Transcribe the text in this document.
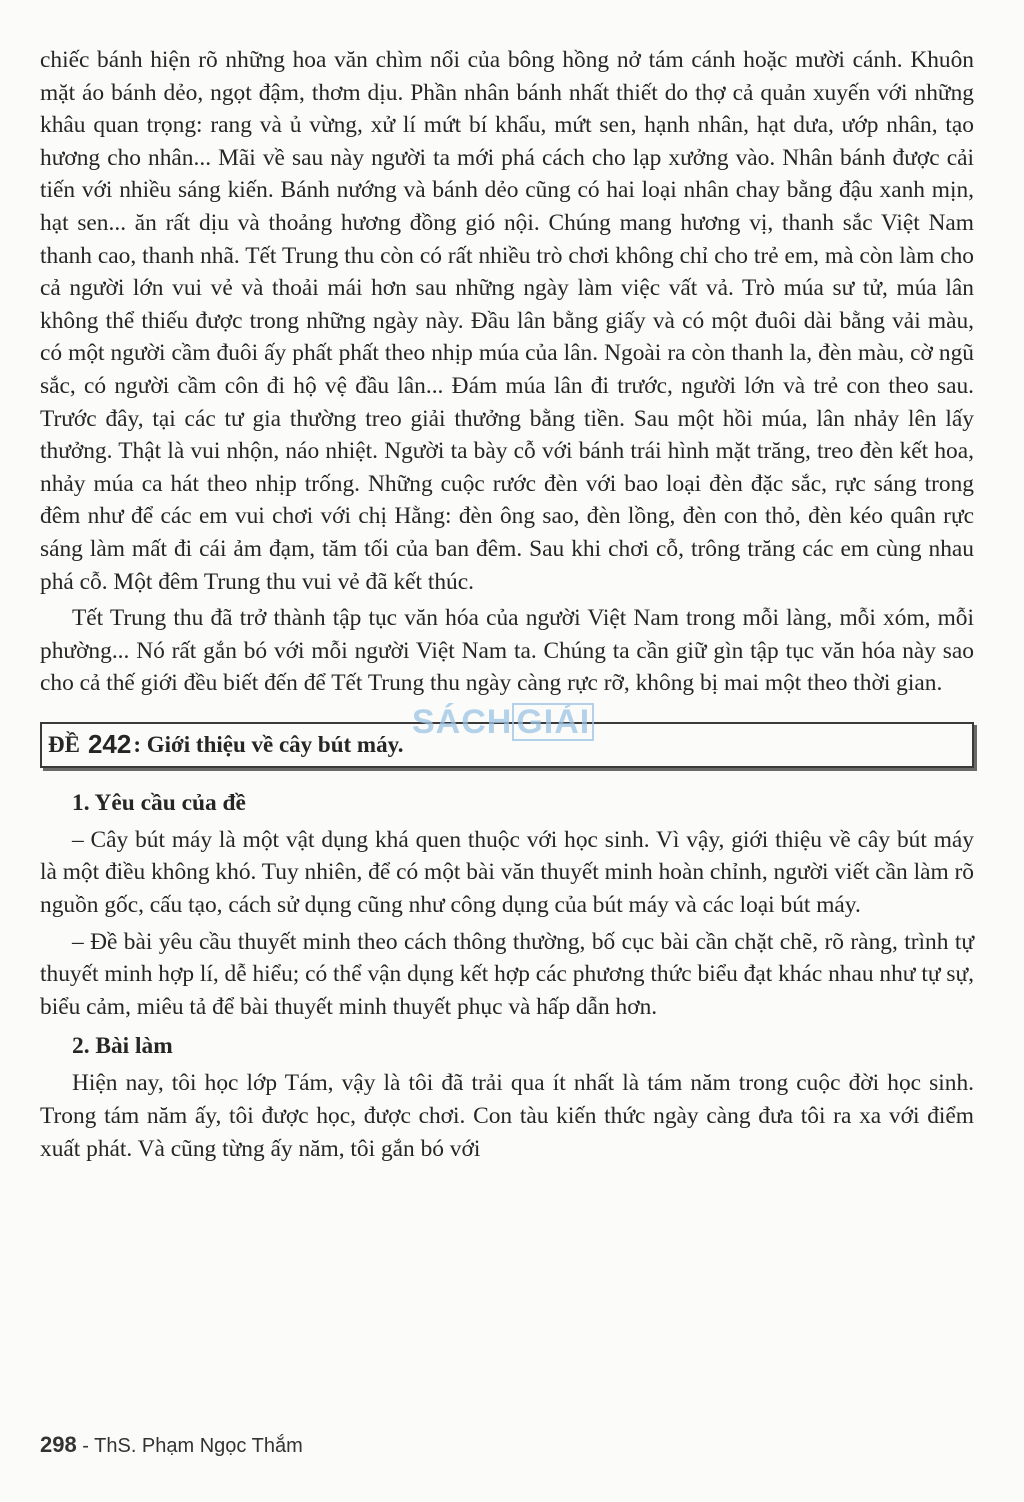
chiếc bánh hiện rõ những hoa văn chìm nổi của bông hồng nở tám cánh hoặc mười cánh. Khuôn mặt áo bánh dẻo, ngọt đậm, thơm dịu. Phần nhân bánh nhất thiết do thợ cả quản xuyến với những khâu quan trọng: rang và ủ vừng, xử lí mứt bí khẩu, mứt sen, hạnh nhân, hạt dưa, ướp nhân, tạo hương cho nhân... Mãi về sau này người ta mới phá cách cho lạp xưởng vào. Nhân bánh được cải tiến với nhiều sáng kiến. Bánh nướng và bánh dẻo cũng có hai loại nhân chay bằng đậu xanh mịn, hạt sen... ăn rất dịu và thoảng hương đồng gió nội. Chúng mang hương vị, thanh sắc Việt Nam thanh cao, thanh nhã. Tết Trung thu còn có rất nhiều trò chơi không chỉ cho trẻ em, mà còn làm cho cả người lớn vui vẻ và thoải mái hơn sau những ngày làm việc vất vả. Trò múa sư tử, múa lân không thể thiếu được trong những ngày này. Đầu lân bằng giấy và có một đuôi dài bằng vải màu, có một người cầm đuôi ấy phất phất theo nhịp múa của lân. Ngoài ra còn thanh la, đèn màu, cờ ngũ sắc, có người cầm côn đi hộ vệ đầu lân... Đám múa lân đi trước, người lớn và trẻ con theo sau. Trước đây, tại các tư gia thường treo giải thưởng bằng tiền. Sau một hồi múa, lân nhảy lên lấy thưởng. Thật là vui nhộn, náo nhiệt. Người ta bày cỗ với bánh trái hình mặt trăng, treo đèn kết hoa, nhảy múa ca hát theo nhịp trống. Những cuộc rước đèn với bao loại đèn đặc sắc, rực sáng trong đêm như để các em vui chơi với chị Hằng: đèn ông sao, đèn lồng, đèn con thỏ, đèn kéo quân rực sáng làm mất đi cái ảm đạm, tăm tối của ban đêm. Sau khi chơi cỗ, trông trăng các em cùng nhau phá cỗ. Một đêm Trung thu vui vẻ đã kết thúc.

Tết Trung thu đã trở thành tập tục văn hóa của người Việt Nam trong mỗi làng, mỗi xóm, mỗi phường... Nó rất gắn bó với mỗi người Việt Nam ta. Chúng ta cần giữ gìn tập tục văn hóa này sao cho cả thế giới đều biết đến để Tết Trung thu ngày càng rực rỡ, không bị mai một theo thời gian.

ĐỀ 242 : Giới thiệu về cây bút máy.
1. Yêu cầu của đề

– Cây bút máy là một vật dụng khá quen thuộc với học sinh. Vì vậy, giới thiệu về cây bút máy là một điều không khó. Tuy nhiên, để có một bài văn thuyết minh hoàn chỉnh, người viết cần làm rõ nguồn gốc, cấu tạo, cách sử dụng cũng như công dụng của bút máy và các loại bút máy.

– Đề bài yêu cầu thuyết minh theo cách thông thường, bố cục bài cần chặt chẽ, rõ ràng, trình tự thuyết minh hợp lí, dễ hiểu; có thể vận dụng kết hợp các phương thức biểu đạt khác nhau như tự sự, biểu cảm, miêu tả để bài thuyết minh thuyết phục và hấp dẫn hơn.

2. Bài làm

Hiện nay, tôi học lớp Tám, vậy là tôi đã trải qua ít nhất là tám năm trong cuộc đời học sinh. Trong tám năm ấy, tôi được học, được chơi. Con tàu kiến thức ngày càng đưa tôi ra xa với điểm xuất phát. Và cũng từng ấy năm, tôi gắn bó với

SÁCH GIẢI
298 - ThS. Phạm Ngọc Thắm
